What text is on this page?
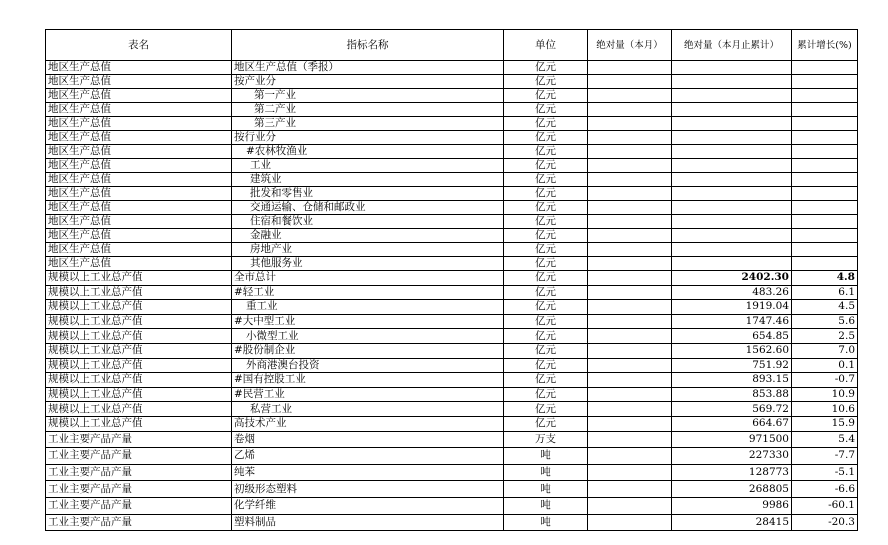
表名	指标名称	单位	绝对量（本月）	绝对量（本月止累计）	累计增长(%)
地区生产总值	地区生产总值（季报）	亿元			
地区生产总值	按产业分	亿元			
地区生产总值	第一产业	亿元			
地区生产总值	第二产业	亿元			
地区生产总值	第三产业	亿元			
地区生产总值	按行业分	亿元			
地区生产总值	#农林牧渔业	亿元			
地区生产总值	工业	亿元			
地区生产总值	建筑业	亿元			
地区生产总值	批发和零售业	亿元			
地区生产总值	交通运输、仓储和邮政业	亿元			
地区生产总值	住宿和餐饮业	亿元			
地区生产总值	金融业	亿元			
地区生产总值	房地产业	亿元			
地区生产总值	其他服务业	亿元			
规模以上工业总产值	全市总计	亿元		2402.30	4.8
规模以上工业总产值	#轻工业	亿元		483.26	6.1
规模以上工业总产值	重工业	亿元		1919.04	4.5
规模以上工业总产值	#大中型工业	亿元		1747.46	5.6
规模以上工业总产值	小微型工业	亿元		654.85	2.5
规模以上工业总产值	#股份制企业	亿元		1562.60	7.0
规模以上工业总产值	外商港澳台投资	亿元		751.92	0.1
规模以上工业总产值	#国有控股工业	亿元		893.15	-0.7
规模以上工业总产值	#民营工业	亿元		853.88	10.9
规模以上工业总产值	私营工业	亿元		569.72	10.6
规模以上工业总产值	高技术产业	亿元		664.67	15.9
工业主要产品产量	卷烟	万支		971500	5.4
工业主要产品产量	乙烯	吨		227330	-7.7
工业主要产品产量	纯苯	吨		128773	-5.1
工业主要产品产量	初级形态塑料	吨		268805	-6.6
工业主要产品产量	化学纤维	吨		9986	-60.1
工业主要产品产量	塑料制品	吨		28415	-20.3
